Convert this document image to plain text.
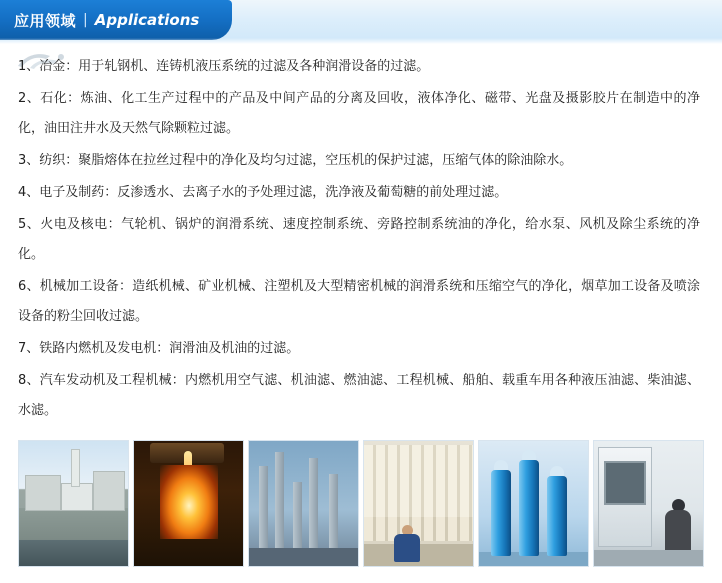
应用领域 | Applications

1、冶金：用于轧钢机、连铸机液压系统的过滤及各种润滑设备的过滤。

2、石化：炼油、化工生产过程中的产品及中间产品的分离及回收，液体净化、磁带、光盘及摄影胶片在制造中的净化，油田注井水及天然气除颗粒过滤。

3、纺织：聚脂熔体在拉丝过程中的净化及均匀过滤，空压机的保护过滤，压缩气体的除油除水。

4、电子及制药：反渗透水、去离子水的予处理过滤，洗净液及葡萄糖的前处理过滤。

5、火电及核电：气轮机、锅炉的润滑系统、速度控制系统、旁路控制系统油的净化，给水泵、风机及除尘系统的净化。

6、机械加工设备：造纸机械、矿业机械、注塑机及大型精密机械的润滑系统和压缩空气的净化，烟草加工设备及喷涂设备的粉尘回收过滤。

7、铁路内燃机及发电机：润滑油及机油的过滤。

8、汽车发动机及工程机械：内燃机用空气滤、机油滤、燃油滤、工程机械、船舶、载重车用各种液压油滤、柴油滤、水滤。
